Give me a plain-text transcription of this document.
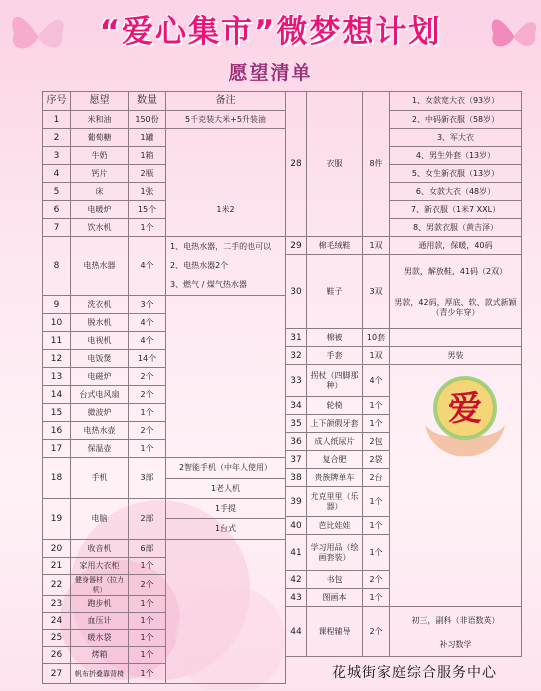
“爱心集市”微梦想计划
愿望清单
序号	愿望	数量	备注
1	米和油	150份	5千克装大米+5升装油
2	葡萄糖	1罐	1米2

3	牛奶	1箱	
4	钙片	2瓶	
5	床	1张	
6	电暖炉	15个	
7	饮水机	1个	
8	电热水器	4个	1、电热水器，二手的也可以
			2、电热水器2个
			3、燃气 / 煤气热水器
9	洗衣机	3个	
10	脱水机	4个	
11	电视机	4个	
12	电饭煲	14个	
13	电磁炉	2个	
14	台式电风扇	2个	
15	微波炉	1个	
16	电热水壶	2个	
17	保温壶	1个	
18	手机	3部	2智能手机（中年人使用）
			1老人机
19	电脑	2部	1手提
			1台式
20	收音机	6部	
21	家用大衣柜	1个	
22	健身器材（拉力机）	2个	
23	跑步机	1个	
24	血压计	1个	
25	暖水袋	1个	
26	烤箱	1个	
27	帆布折叠靠背椅	1个	
28	衣服	8件	1、女款宽大衣（93岁）
			2、中码新衣服（58岁）
			3、军大衣
			4、男生外套（13岁）
			5、女生新衣服（13岁）
			6、女款大衣（48岁）
			7、新衣服（1米7 XXL）
			8、男款衣服（黄吉泽）
29	棉毛绒鞋	1双	通用款，保暖，40码
30	鞋子	3双	男款，解放鞋，41码（2双）
			男款，42码，厚底、软、款式新颖（青少年穿）
31	棉被	10套	
32	手套	1双	男装
33	拐杖（四脚那种）	4个	
34	轮椅	1个	
35	上下颌假牙套	1个	
36	成人纸尿片	2包	
37	复合肥	2袋	
38	贵族牌单车	2台	
39	尤克里里（乐器）	1个	
40	芭比娃娃	1个	
41	学习用品（绘画套装）	1个	
42	书包	2个	
43	图画本	1个	
44	课程辅导	2个	初三，副科（非语数英）
			补习数学
爱
花城街家庭综合服务中心
